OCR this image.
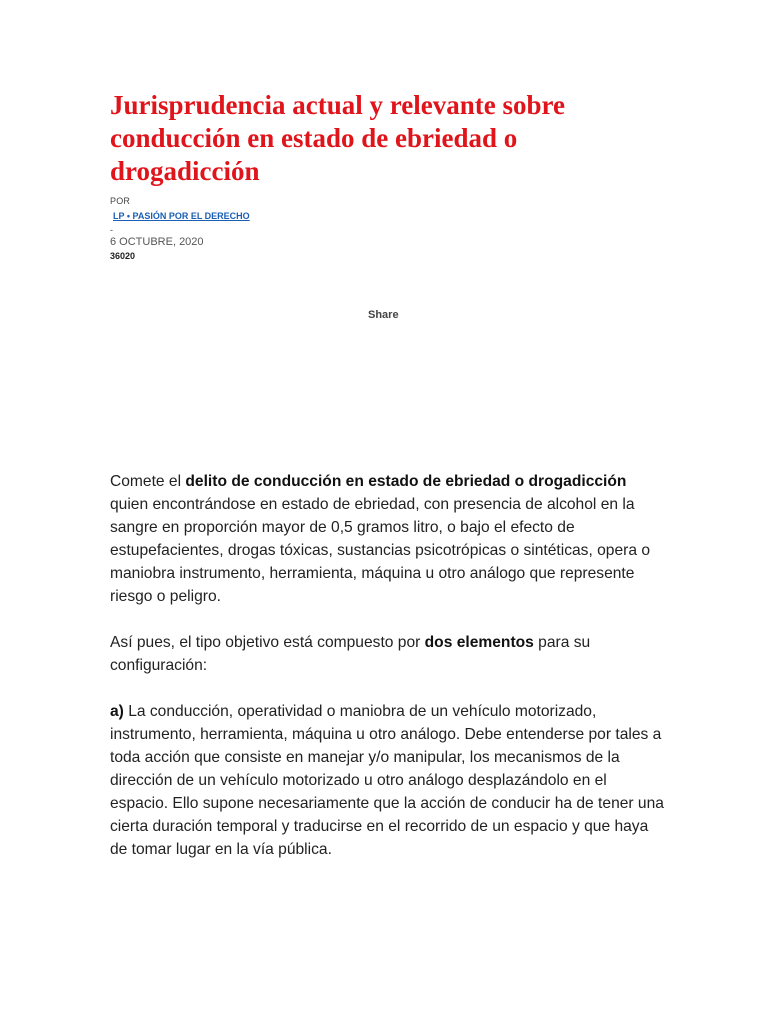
Jurisprudencia actual y relevante sobre conducción en estado de ebriedad o drogadicción
POR
LP • PASIÓN POR EL DERECHO
-
6 OCTUBRE, 2020
36020
Share

Comete el delito de conducción en estado de ebriedad o drogadicción quien encontrándose en estado de ebriedad, con presencia de alcohol en la sangre en proporción mayor de 0,5 gramos litro, o bajo el efecto de estupefacientes, drogas tóxicas, sustancias psicotrópicas o sintéticas, opera o maniobra instrumento, herramienta, máquina u otro análogo que represente riesgo o peligro.

Así pues, el tipo objetivo está compuesto por dos elementos para su configuración:

a) La conducción, operatividad o maniobra de un vehículo motorizado, instrumento, herramienta, máquina u otro análogo. Debe entenderse por tales a toda acción que consiste en manejar y/o manipular, los mecanismos de la dirección de un vehículo motorizado u otro análogo desplazándolo en el espacio. Ello supone necesariamente que la acción de conducir ha de tener una cierta duración temporal y traducirse en el recorrido de un espacio y que haya de tomar lugar en la vía pública.
